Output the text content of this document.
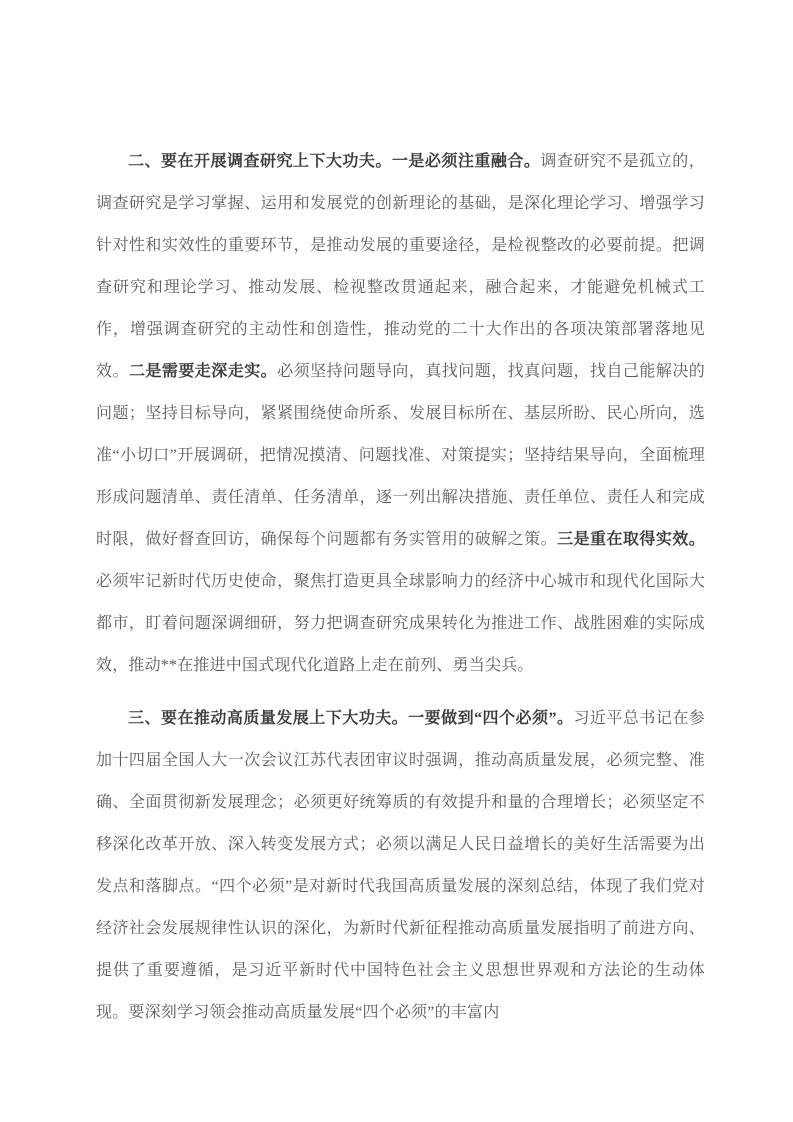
二、要在开展调查研究上下大功夫。一是必须注重融合。调查研究不是孤立的，调查研究是学习掌握、运用和发展党的创新理论的基础，是深化理论学习、增强学习针对性和实效性的重要环节，是推动发展的重要途径，是检视整改的必要前提。把调查研究和理论学习、推动发展、检视整改贯通起来，融合起来，才能避免机械式工作，增强调查研究的主动性和创造性，推动党的二十大作出的各项决策部署落地见效。二是需要走深走实。必须坚持问题导向，真找问题，找真问题，找自己能解决的问题；坚持目标导向，紧紧围绕使命所系、发展目标所在、基层所盼、民心所向，选准“小切口”开展调研，把情况摸清、问题找准、对策提实；坚持结果导向，全面梳理形成问题清单、责任清单、任务清单，逐一列出解决措施、责任单位、责任人和完成时限，做好督查回访，确保每个问题都有务实管用的破解之策。三是重在取得实效。必须牢记新时代历史使命，聚焦打造更具全球影响力的经济中心城市和现代化国际大都市，盯着问题深调细研，努力把调查研究成果转化为推进工作、战胜困难的实际成效，推动**在推进中国式现代化道路上走在前列、勇当尖兵。

三、要在推动高质量发展上下大功夫。一要做到“四个必须”。习近平总书记在参加十四届全国人大一次会议江苏代表团审议时强调，推动高质量发展，必须完整、准确、全面贯彻新发展理念；必须更好统筹质的有效提升和量的合理增长；必须坚定不移深化改革开放、深入转变发展方式；必须以满足人民日益增长的美好生活需要为出发点和落脚点。“四个必须”是对新时代我国高质量发展的深刻总结，体现了我们党对经济社会发展规律性认识的深化，为新时代新征程推动高质量发展指明了前进方向、提供了重要遵循，是习近平新时代中国特色社会主义思想世界观和方法论的生动体现。要深刻学习领会推动高质量发展“四个必须”的丰富内
